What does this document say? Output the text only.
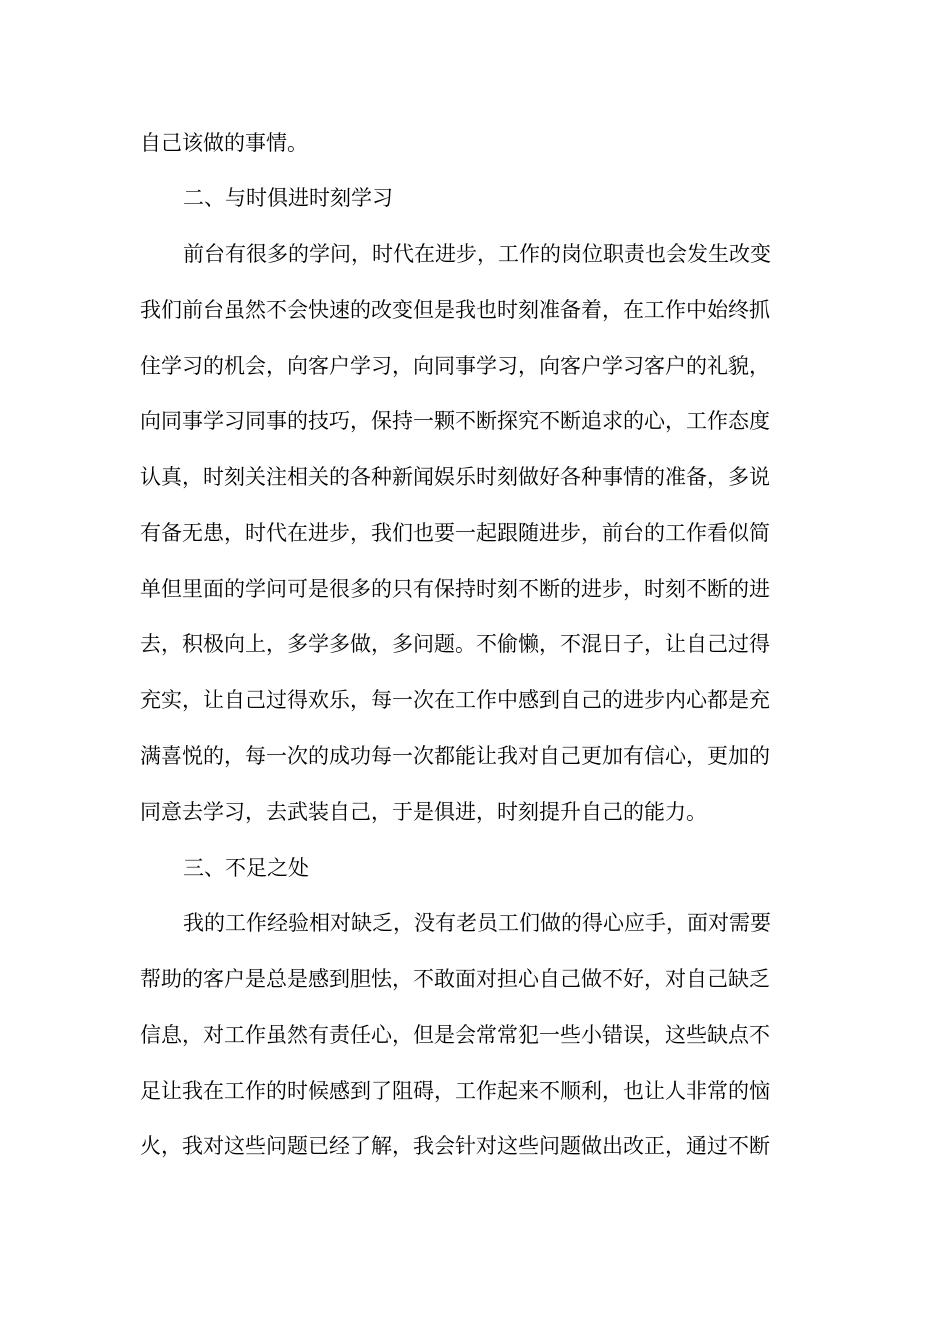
自己该做的事情。
二、与时俱进时刻学习
前台有很多的学问，时代在进步，工作的岗位职责也会发生改变
我们前台虽然不会快速的改变但是我也时刻准备着，在工作中始终抓
住学习的机会，向客户学习，向同事学习，向客户学习客户的礼貌，
向同事学习同事的技巧，保持一颗不断探究不断追求的心，工作态度
认真，时刻关注相关的各种新闻娱乐时刻做好各种事情的准备，多说
有备无患，时代在进步，我们也要一起跟随进步，前台的工作看似简
单但里面的学问可是很多的只有保持时刻不断的进步，时刻不断的进
去，积极向上，多学多做，多问题。不偷懒，不混日子，让自己过得
充实，让自己过得欢乐，每一次在工作中感到自己的进步内心都是充
满喜悦的，每一次的成功每一次都能让我对自己更加有信心，更加的
同意去学习，去武装自己，于是俱进，时刻提升自己的能力。
三、不足之处
我的工作经验相对缺乏，没有老员工们做的得心应手，面对需要
帮助的客户是总是感到胆怯，不敢面对担心自己做不好，对自己缺乏
信息，对工作虽然有责任心，但是会常常犯一些小错误，这些缺点不
足让我在工作的时候感到了阻碍，工作起来不顺利，也让人非常的恼
火，我对这些问题已经了解，我会针对这些问题做出改正，通过不断
